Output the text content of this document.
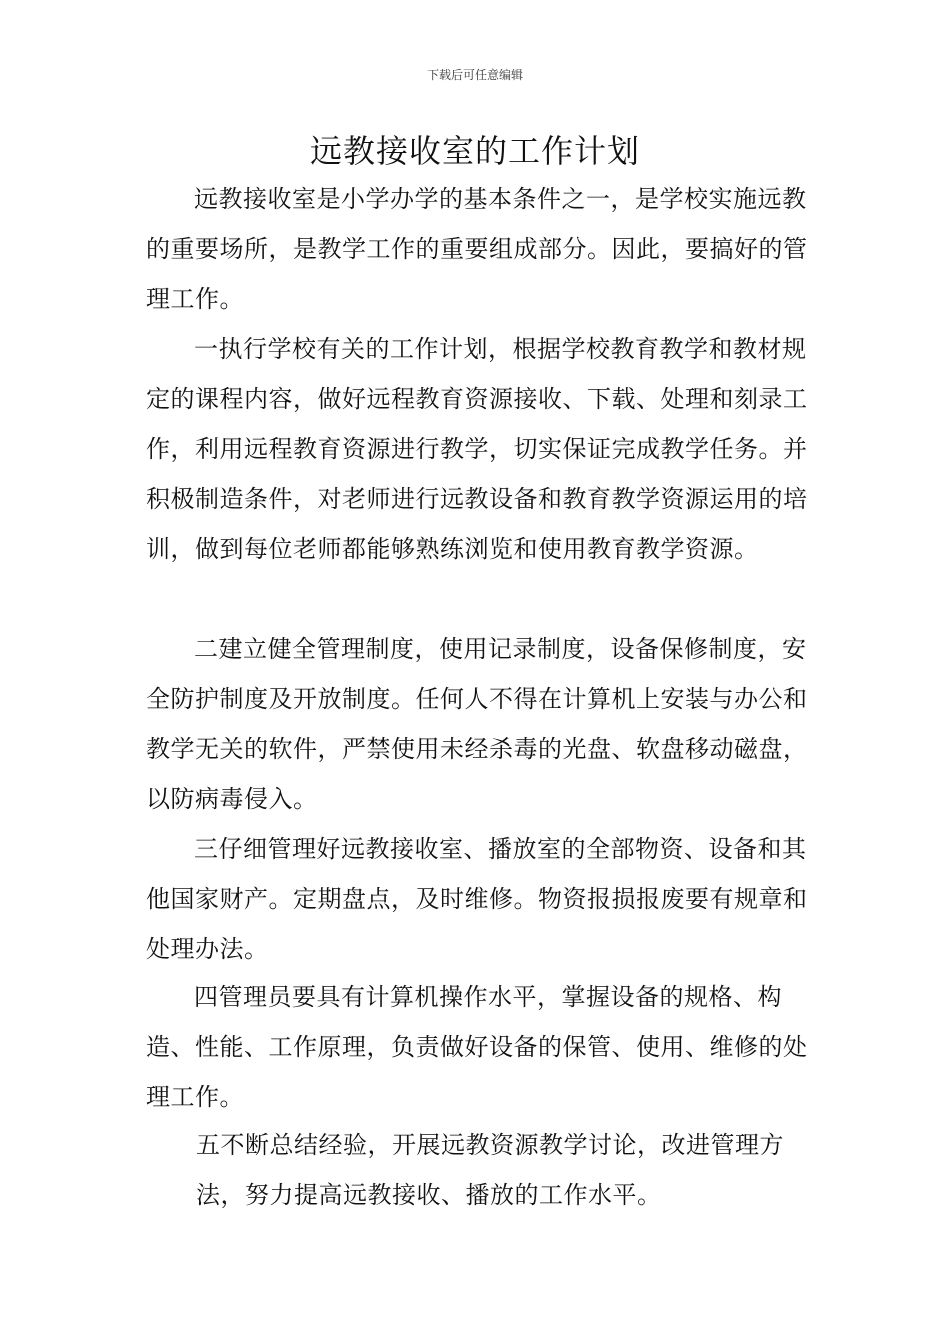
下载后可任意编辑
远教接收室的工作计划

远教接收室是小学办学的基本条件之一，是学校实施远教的重要场所，是教学工作的重要组成部分。因此，要搞好的管理工作。

一执行学校有关的工作计划，根据学校教育教学和教材规定的课程内容，做好远程教育资源接收、下载、处理和刻录工作，利用远程教育资源进行教学，切实保证完成教学任务。并积极制造条件，对老师进行远教设备和教育教学资源运用的培训，做到每位老师都能够熟练浏览和使用教育教学资源。

二建立健全管理制度，使用记录制度，设备保修制度，安全防护制度及开放制度。任何人不得在计算机上安装与办公和教学无关的软件，严禁使用未经杀毒的光盘、软盘移动磁盘，以防病毒侵入。

三仔细管理好远教接收室、播放室的全部物资、设备和其他国家财产。定期盘点，及时维修。物资报损报废要有规章和处理办法。

四管理员要具有计算机操作水平，掌握设备的规格、构造、性能、工作原理，负责做好设备的保管、使用、维修的处理工作。

五不断总结经验，开展远教资源教学讨论，改进管理方法，努力提高远教接收、播放的工作水平。
